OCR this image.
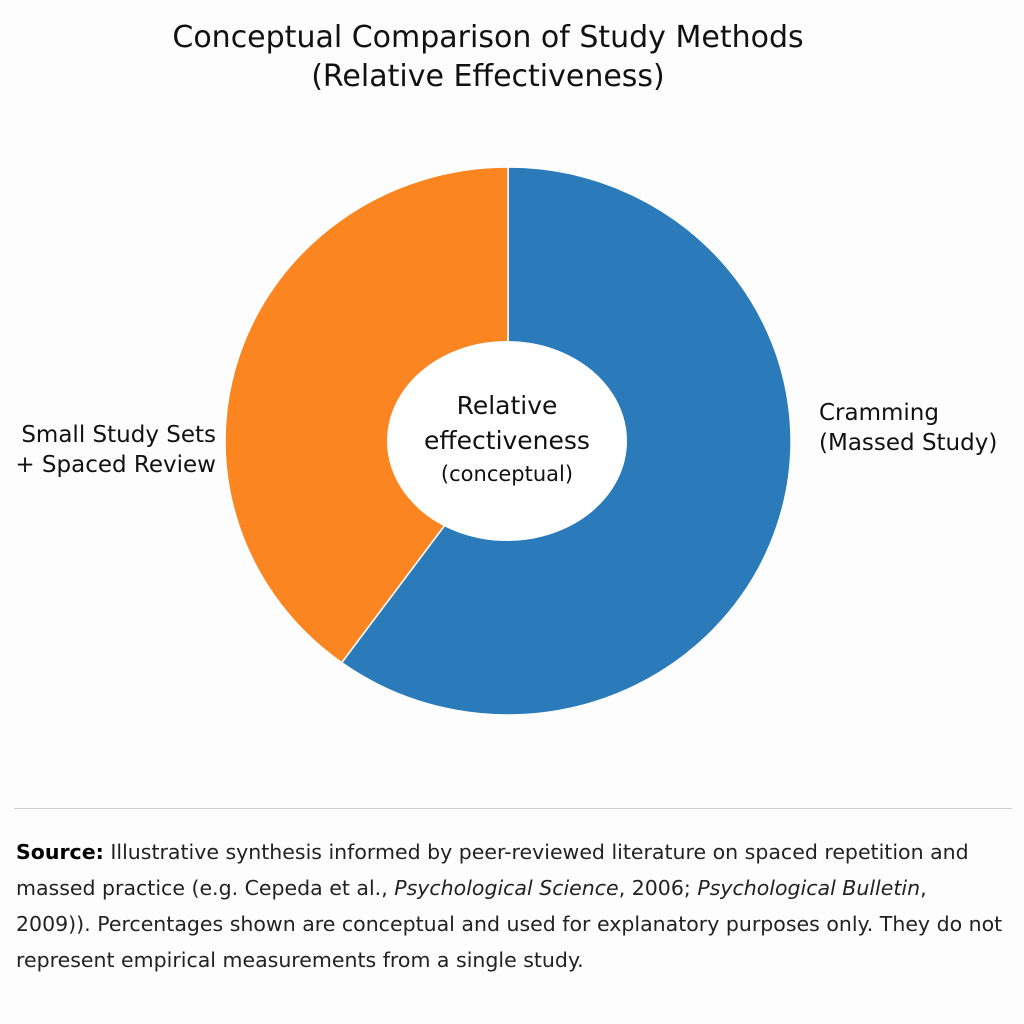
Conceptual Comparison of Study Methods
(Relative Effectiveness)
Small Study Sets
+ Spaced Review
Cramming
(Massed Study)
Relative
effectiveness
(conceptual)

Source: Illustrative synthesis informed by peer-reviewed literature on spaced repetition and massed practice (e.g. Cepeda et al., Psychological Science, 2006; Psychological Bulletin, 2009)). Percentages shown are conceptual and used for explanatory purposes only. They do not represent empirical measurements from a single study.
